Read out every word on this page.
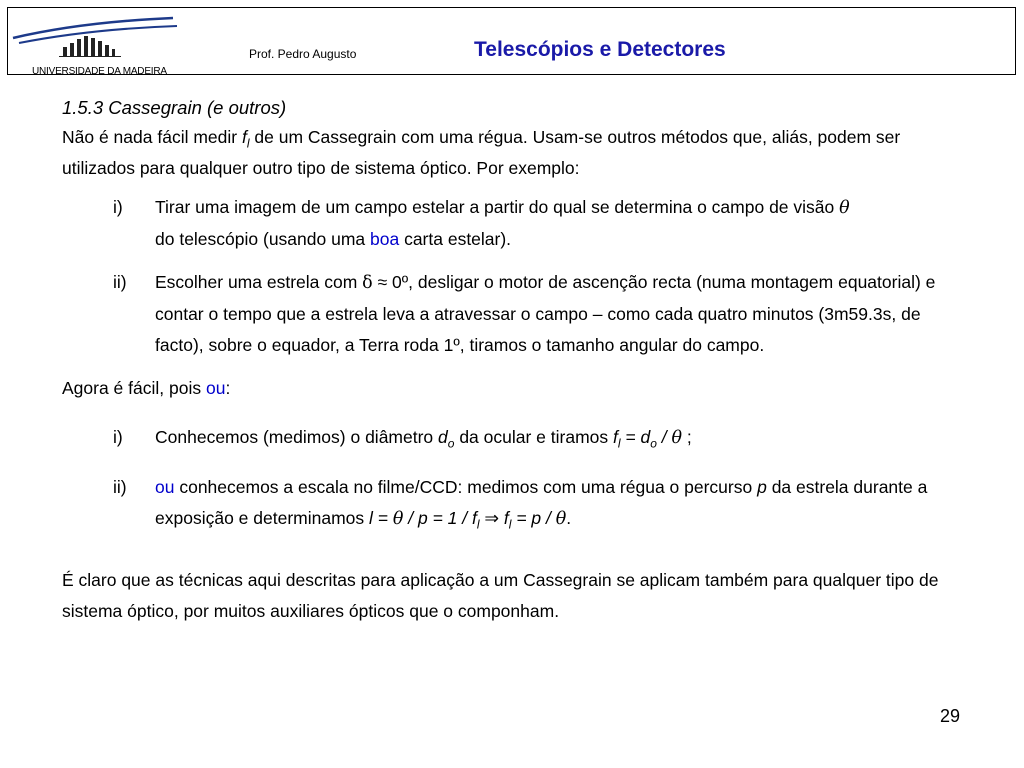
UNIVERSIDADE DA MADEIRA
Prof. Pedro Augusto	Telescópios e Detectores

1.5.3 Cassegrain (e outros)

Não é nada fácil medir $f_l$ de um Cassegrain com uma régua. Usam-se outros métodos que, aliás, podem ser utilizados para qualquer outro tipo de sistema óptico. Por exemplo:

i) Tirar uma imagem de um campo estelar a partir do qual se determina o campo de visão θ
do telescópio (usando uma boa carta estelar).
ii) Escolher uma estrela com δ ≈ 0º, desligar o motor de ascenção recta (numa montagem equatorial) e contar o tempo que a estrela leva a atravessar o campo – como cada quatro minutos (3m59.3s, de facto), sobre o equador, a Terra roda 1º, tiramos o tamanho angular do campo.

Agora é fácil, pois ou:

i) Conhecemos (medimos) o diâmetro $d_o$ da ocular e tiramos $f_l = d_o / \theta$ ;
ii) ou conhecemos a escala no filme/CCD: medimos com uma régua o percurso p da estrela durante a exposição e determinamos $l = \theta / p = 1 / f_l$ ⇒ $f_l = p / \theta$.

É claro que as técnicas aqui descritas para aplicação a um Cassegrain se aplicam também para qualquer tipo de sistema óptico, por muitos auxiliares ópticos que o componham.

29
